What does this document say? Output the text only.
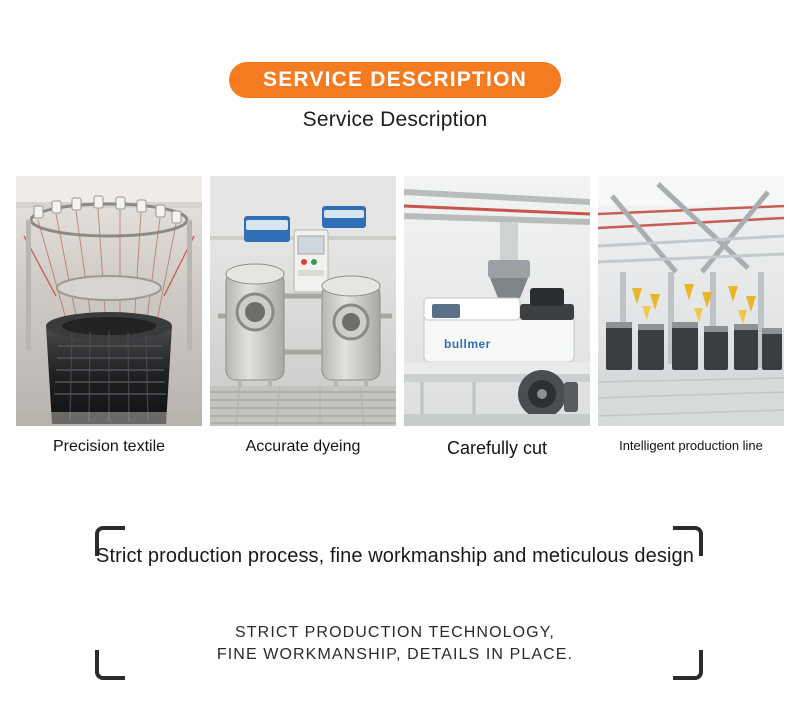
SERVICE DESCRIPTION
Service Description
Precision textile	Accurate dyeing
bullmer
Carefully cut	Intelligent production line
Strict production process, fine workmanship and meticulous design
STRICT PRODUCTION TECHNOLOGY,
FINE WORKMANSHIP, DETAILS IN PLACE.
